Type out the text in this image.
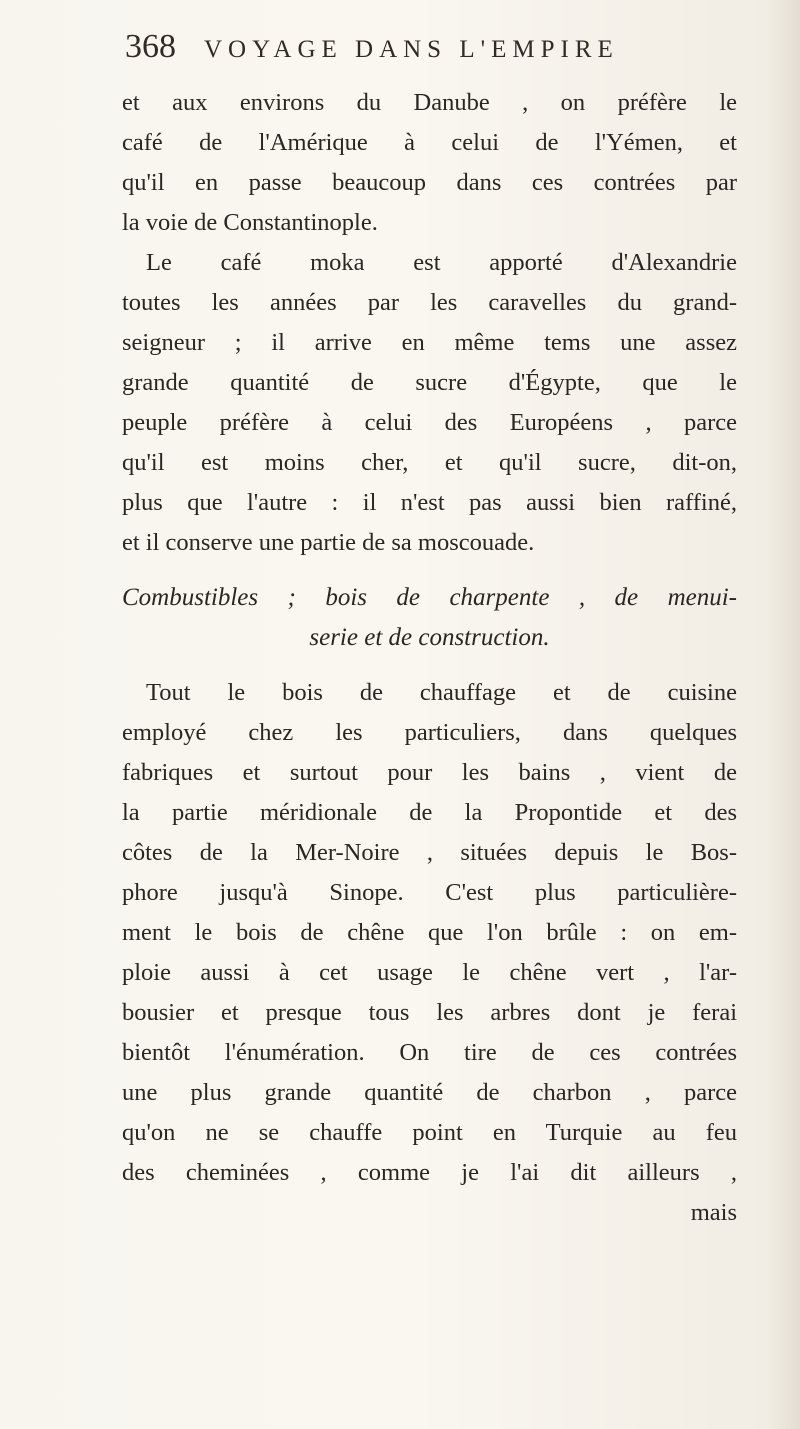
368 VOYAGE DANS L'EMPIRE
et aux environs du Danube , on préfère le
café de l'Amérique à celui de l'Yémen, et
qu'il en passe beaucoup dans ces contrées par
la voie de Constantinople.
Le café moka est apporté d'Alexandrie
toutes les années par les caravelles du grand-
seigneur ; il arrive en même tems une assez
grande quantité de sucre d'Égypte, que le
peuple préfère à celui des Européens , parce
qu'il est moins cher, et qu'il sucre, dit-on,
plus que l'autre : il n'est pas aussi bien raffiné,
et il conserve une partie de sa moscouade.
Combustibles ; bois de charpente , de menui-
serie et de construction.
Tout le bois de chauffage et de cuisine
employé chez les particuliers, dans quelques
fabriques et surtout pour les bains , vient de
la partie méridionale de la Propontide et des
côtes de la Mer-Noire , situées depuis le Bos-
phore jusqu'à Sinope. C'est plus particulière-
ment le bois de chêne que l'on brûle : on em-
ploie aussi à cet usage le chêne vert , l'ar-
bousier et presque tous les arbres dont je ferai
bientôt l'énumération. On tire de ces contrées
une plus grande quantité de charbon , parce
qu'on ne se chauffe point en Turquie au feu
des cheminées , comme je l'ai dit ailleurs ,
mais
